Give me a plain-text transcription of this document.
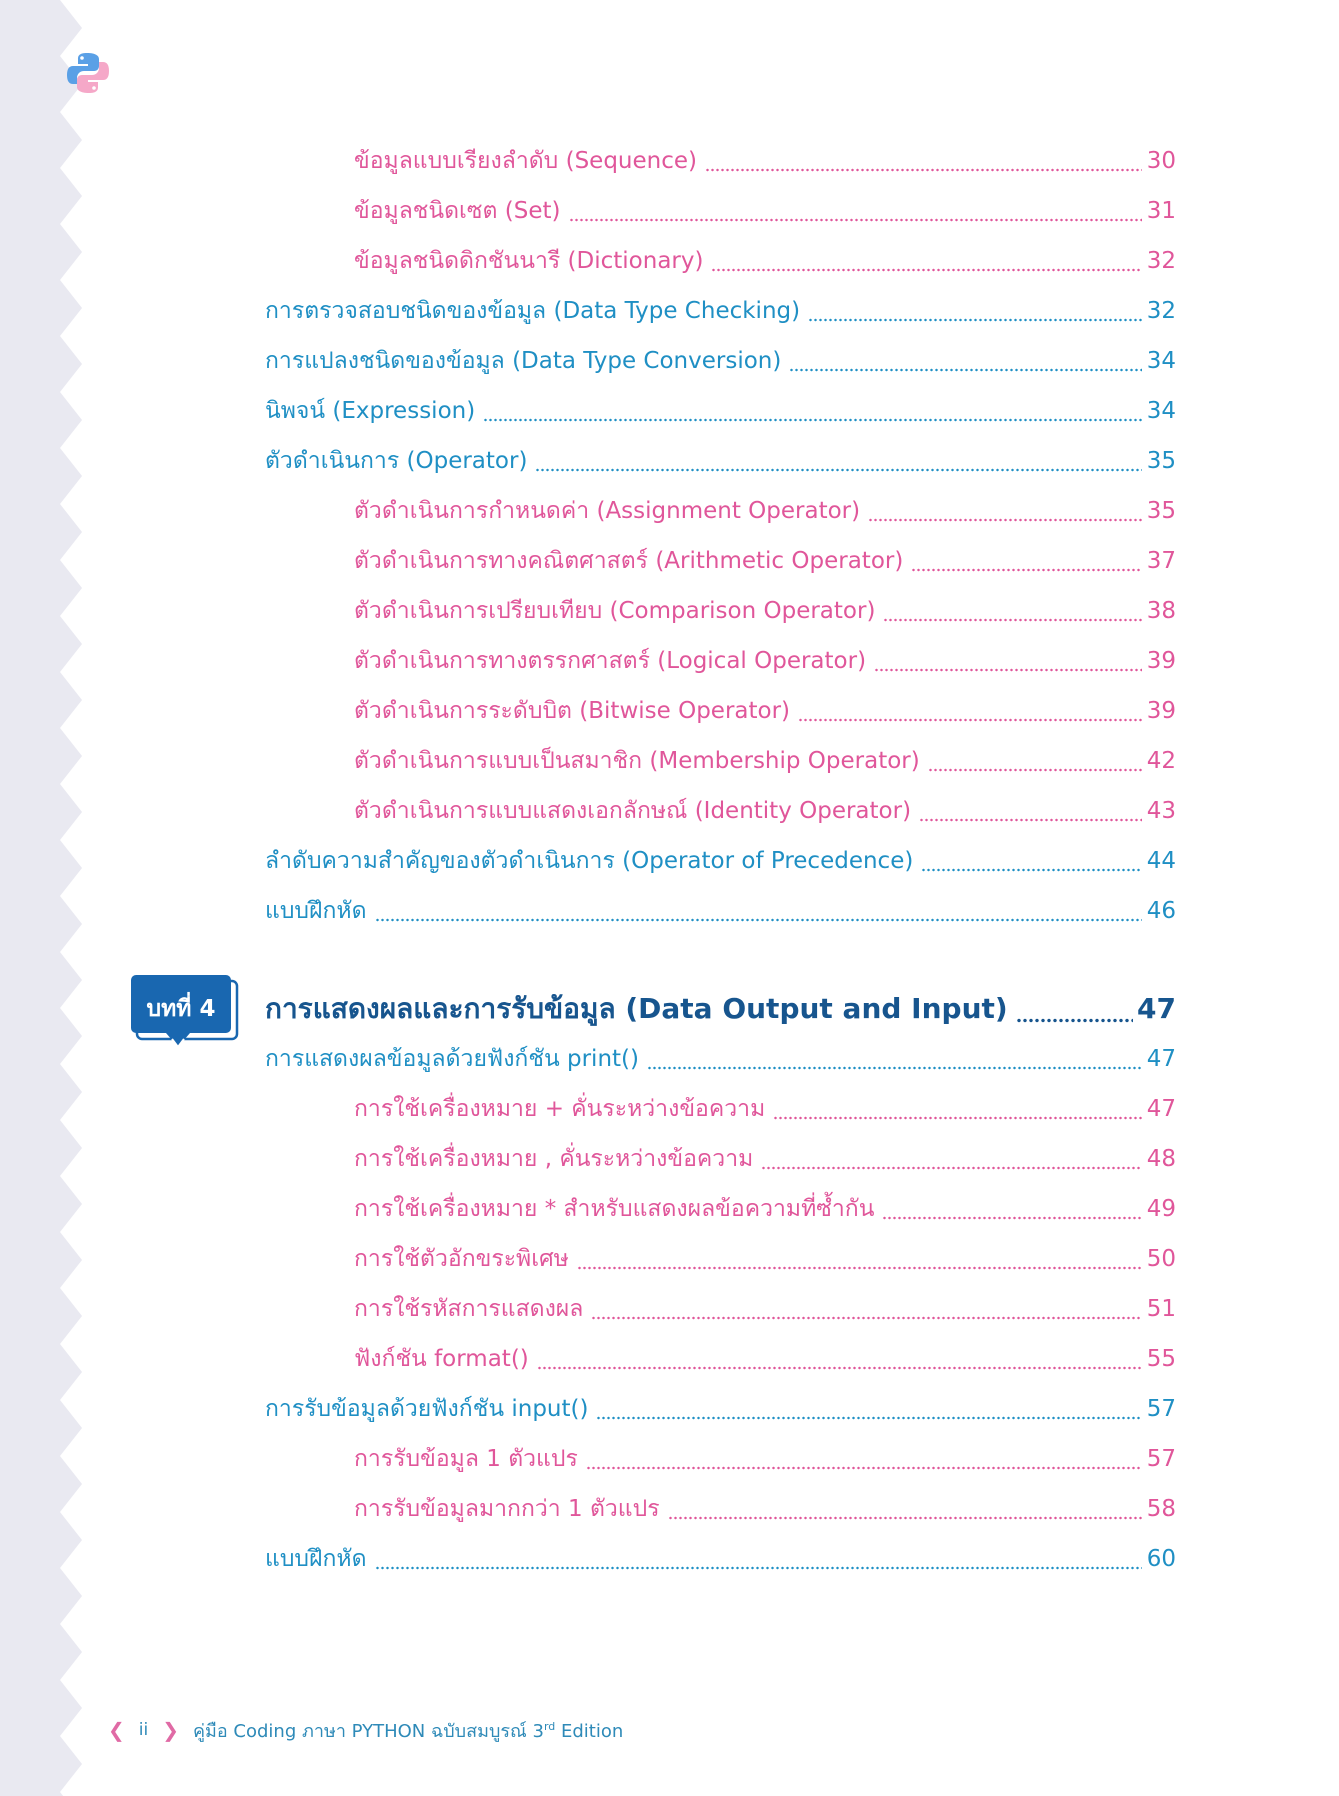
ข้อมูลแบบเรียงลำดับ (Sequence)	30
ข้อมูลชนิดเซต (Set)	31
ข้อมูลชนิดดิกชันนารี (Dictionary)	32
การตรวจสอบชนิดของข้อมูล (Data Type Checking)	32
การแปลงชนิดของข้อมูล (Data Type Conversion)	34
นิพจน์ (Expression)	34
ตัวดำเนินการ (Operator)	35
ตัวดำเนินการกำหนดค่า (Assignment Operator)	35
ตัวดำเนินการทางคณิตศาสตร์ (Arithmetic Operator)	37
ตัวดำเนินการเปรียบเทียบ (Comparison Operator)	38
ตัวดำเนินการทางตรรกศาสตร์ (Logical Operator)	39
ตัวดำเนินการระดับบิต (Bitwise Operator)	39
ตัวดำเนินการแบบเป็นสมาชิก (Membership Operator)	42
ตัวดำเนินการแบบแสดงเอกลักษณ์ (Identity Operator)	43
ลำดับความสำคัญของตัวดำเนินการ (Operator of Precedence)	44
แบบฝึกหัด	46
การแสดงผลและการรับข้อมูล (Data Output and Input)	47
การแสดงผลข้อมูลด้วยฟังก์ชัน print()	47
การใช้เครื่องหมาย + คั่นระหว่างข้อความ	47
การใช้เครื่องหมาย , คั่นระหว่างข้อความ	48
การใช้เครื่องหมาย * สำหรับแสดงผลข้อความที่ซ้ำกัน	49
การใช้ตัวอักขระพิเศษ	50
การใช้รหัสการแสดงผล	51
ฟังก์ชัน format()	55
การรับข้อมูลด้วยฟังก์ชัน input()	57
การรับข้อมูล 1 ตัวแปร	57
การรับข้อมูลมากกว่า 1 ตัวแปร	58
แบบฝึกหัด	60
บทที่ 4
❮ ii ❯ คู่มือ Coding ภาษา PYTHON ฉบับสมบูรณ์ 3rd Edition
